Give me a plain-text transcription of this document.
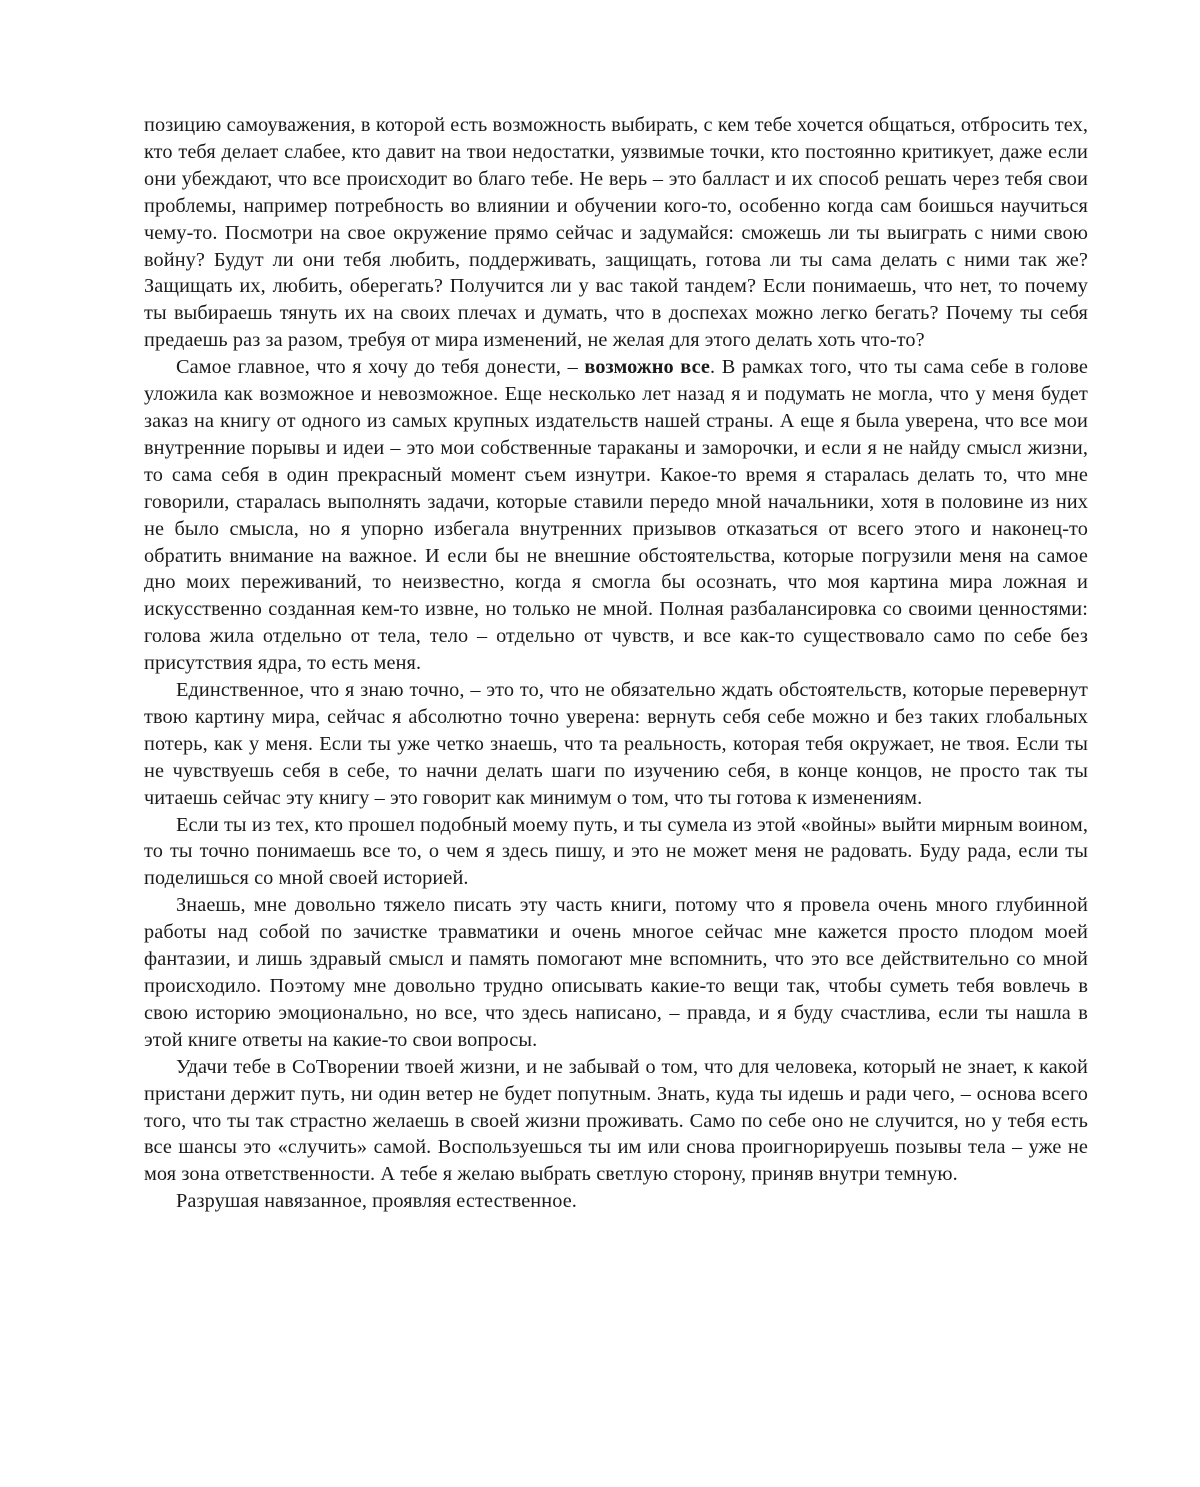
позицию самоуважения, в которой есть возможность выбирать, с кем тебе хочется общаться, отбросить тех, кто тебя делает слабее, кто давит на твои недостатки, уязвимые точки, кто постоянно критикует, даже если они убеждают, что все происходит во благо тебе. Не верь – это балласт и их способ решать через тебя свои проблемы, например потребность во влиянии и обучении кого-то, особенно когда сам боишься научиться чему-то. Посмотри на свое окружение прямо сейчас и задумайся: сможешь ли ты выиграть с ними свою войну? Будут ли они тебя любить, поддерживать, защищать, готова ли ты сама делать с ними так же? Защищать их, любить, оберегать? Получится ли у вас такой тандем? Если понимаешь, что нет, то почему ты выбираешь тянуть их на своих плечах и думать, что в доспехах можно легко бегать? Почему ты себя предаешь раз за разом, требуя от мира изменений, не желая для этого делать хоть что-то?

Самое главное, что я хочу до тебя донести, – возможно все. В рамках того, что ты сама себе в голове уложила как возможное и невозможное. Еще несколько лет назад я и подумать не могла, что у меня будет заказ на книгу от одного из самых крупных издательств нашей страны. А еще я была уверена, что все мои внутренние порывы и идеи – это мои собственные тараканы и заморочки, и если я не найду смысл жизни, то сама себя в один прекрасный момент съем изнутри. Какое-то время я старалась делать то, что мне говорили, старалась выполнять задачи, которые ставили передо мной начальники, хотя в половине из них не было смысла, но я упорно избегала внутренних призывов отказаться от всего этого и наконец-то обратить внимание на важное. И если бы не внешние обстоятельства, которые погрузили меня на самое дно моих переживаний, то неизвестно, когда я смогла бы осознать, что моя картина мира ложная и искусственно созданная кем-то извне, но только не мной. Полная разбалансировка со своими ценностями: голова жила отдельно от тела, тело – отдельно от чувств, и все как-то существовало само по себе без присутствия ядра, то есть меня.

Единственное, что я знаю точно, – это то, что не обязательно ждать обстоятельств, которые перевернут твою картину мира, сейчас я абсолютно точно уверена: вернуть себя себе можно и без таких глобальных потерь, как у меня. Если ты уже четко знаешь, что та реальность, которая тебя окружает, не твоя. Если ты не чувствуешь себя в себе, то начни делать шаги по изучению себя, в конце концов, не просто так ты читаешь сейчас эту книгу – это говорит как минимум о том, что ты готова к изменениям.

Если ты из тех, кто прошел подобный моему путь, и ты сумела из этой «войны» выйти мирным воином, то ты точно понимаешь все то, о чем я здесь пишу, и это не может меня не радовать. Буду рада, если ты поделишься со мной своей историей.

Знаешь, мне довольно тяжело писать эту часть книги, потому что я провела очень много глубинной работы над собой по зачистке травматики и очень многое сейчас мне кажется просто плодом моей фантазии, и лишь здравый смысл и память помогают мне вспомнить, что это все действительно со мной происходило. Поэтому мне довольно трудно описывать какие-то вещи так, чтобы суметь тебя вовлечь в свою историю эмоционально, но все, что здесь написано, – правда, и я буду счастлива, если ты нашла в этой книге ответы на какие-то свои вопросы.

Удачи тебе в СоТворении твоей жизни, и не забывай о том, что для человека, который не знает, к какой пристани держит путь, ни один ветер не будет попутным. Знать, куда ты идешь и ради чего, – основа всего того, что ты так страстно желаешь в своей жизни проживать. Само по себе оно не случится, но у тебя есть все шансы это «случить» самой. Воспользуешься ты им или снова проигнорируешь позывы тела – уже не моя зона ответственности. А тебе я желаю выбрать светлую сторону, приняв внутри темную.

Разрушая навязанное, проявляя естественное.
